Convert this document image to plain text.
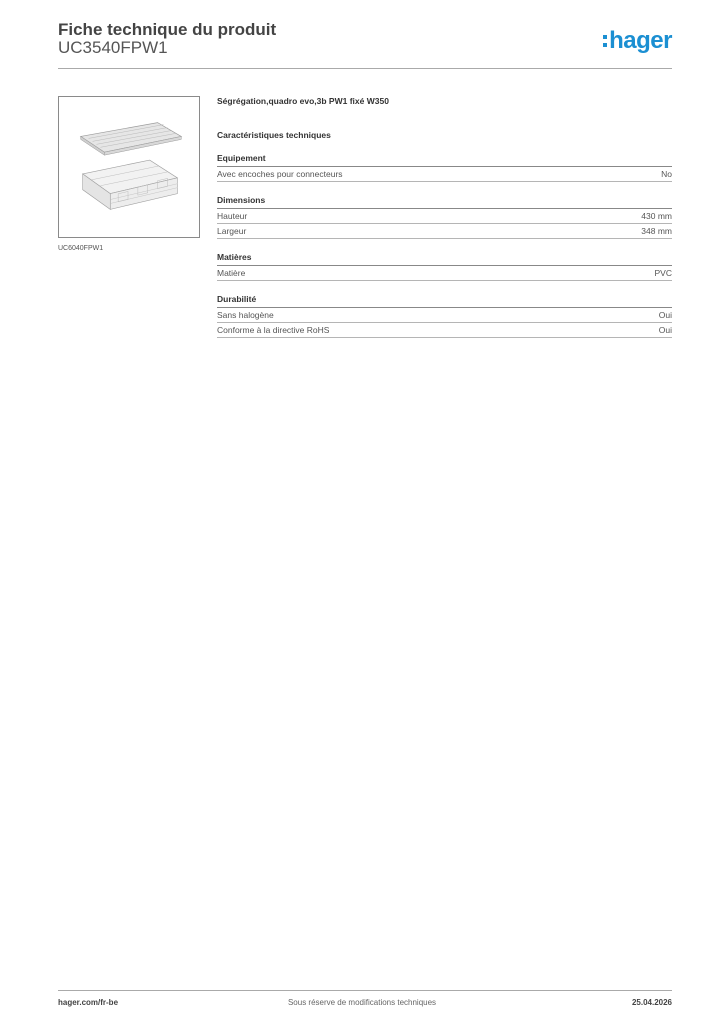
Fiche technique du produit
UC3540FPW1	hager
UC6040FPW1
Ségrégation,quadro evo,3b PW1 fixé W350
Caractéristiques techniques
Equipement
Avec encoches pour connecteurs	No
Dimensions
Hauteur	430 mm
Largeur	348 mm
Matières
Matière	PVC
Durabilité
Sans halogène	Oui
Conforme à la directive RoHS	Oui
hager.com/fr-be	Sous réserve de modifications techniques	25.04.2026
